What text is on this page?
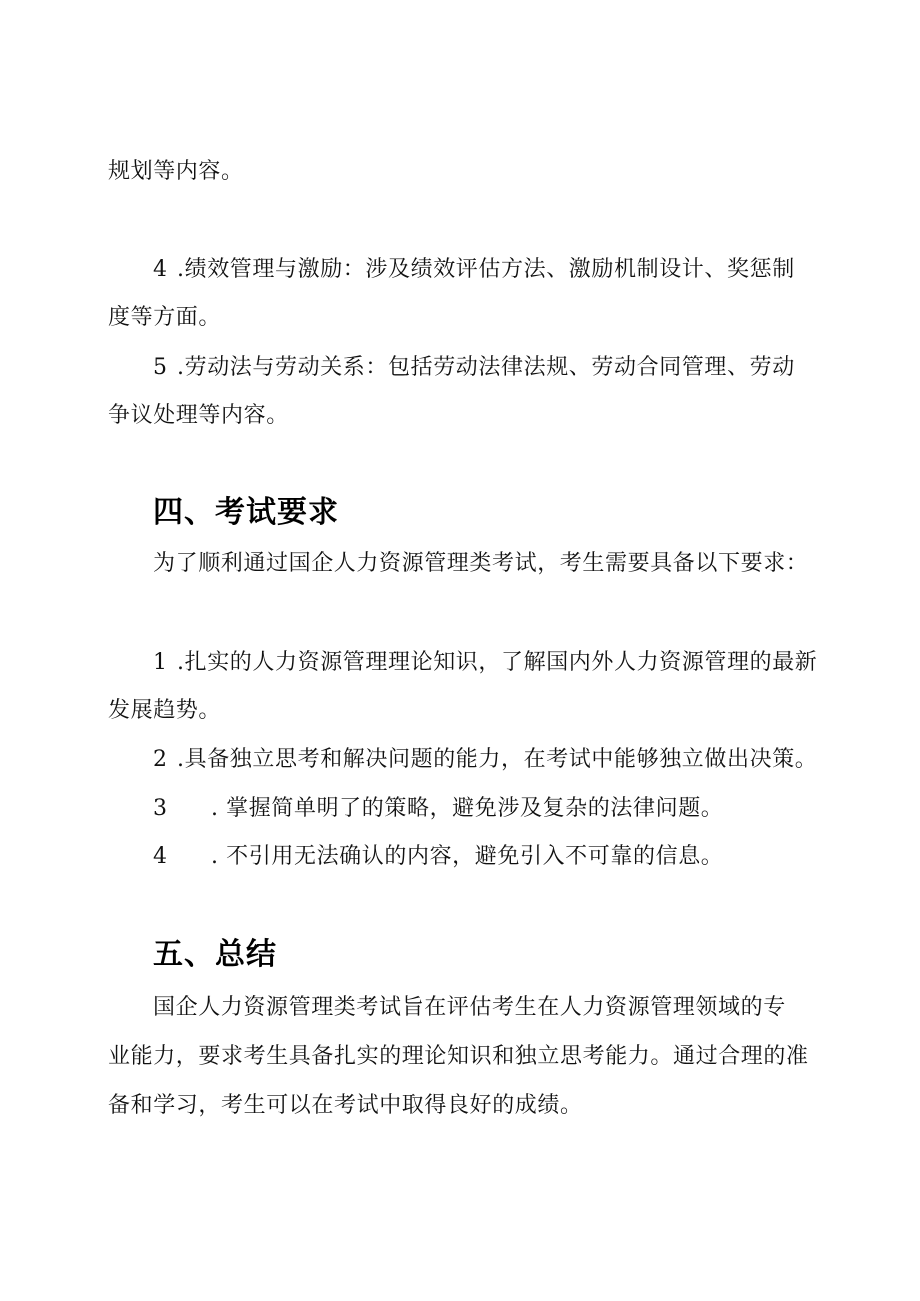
规划等内容。
4 .绩效管理与激励：涉及绩效评估方法、激励机制设计、奖惩制
度等方面。
5 .劳动法与劳动关系：包括劳动法律法规、劳动合同管理、劳动
争议处理等内容。
四、考试要求
为了顺利通过国企人力资源管理类考试，考生需要具备以下要求：
1 .扎实的人力资源管理理论知识，了解国内外人力资源管理的最新
发展趋势。
2 .具备独立思考和解决问题的能力，在考试中能够独立做出决策。
3 . 掌握简单明了的策略，避免涉及复杂的法律问题。
4 . 不引用无法确认的内容，避免引入不可靠的信息。
五、总结
国企人力资源管理类考试旨在评估考生在人力资源管理领域的专
业能力，要求考生具备扎实的理论知识和独立思考能力。通过合理的准
备和学习，考生可以在考试中取得良好的成绩。
